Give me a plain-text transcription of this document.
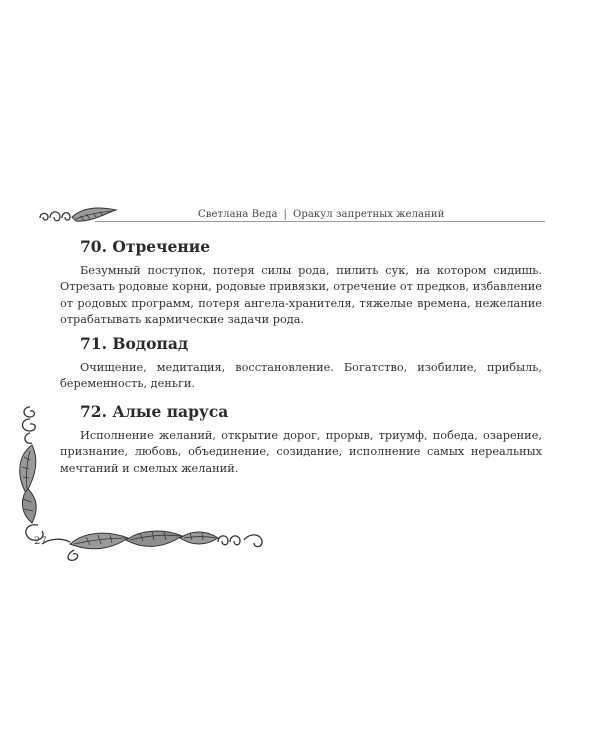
Светлана Веда | Оракул запретных желаний
70. Отречение

Безумный поступок, потеря силы рода, пилить сук, на котором сидишь. Отрезать родовые корни, родовые привязки, отречение от предков, избавление от родовых программ, потеря ангела-хранителя, тяжелые времена, нежелание отрабатывать кармические задачи рода.

71. Водопад

Очищение, медитация, восстановление. Богатство, изобилие, прибыль, беременность, деньги.

72. Алые паруса

Исполнение желаний, открытие дорог, прорыв, триумф, победа, озарение, признание, любовь, объединение, созидание, исполнение самых нереальных мечтаний и смелых желаний.

27
